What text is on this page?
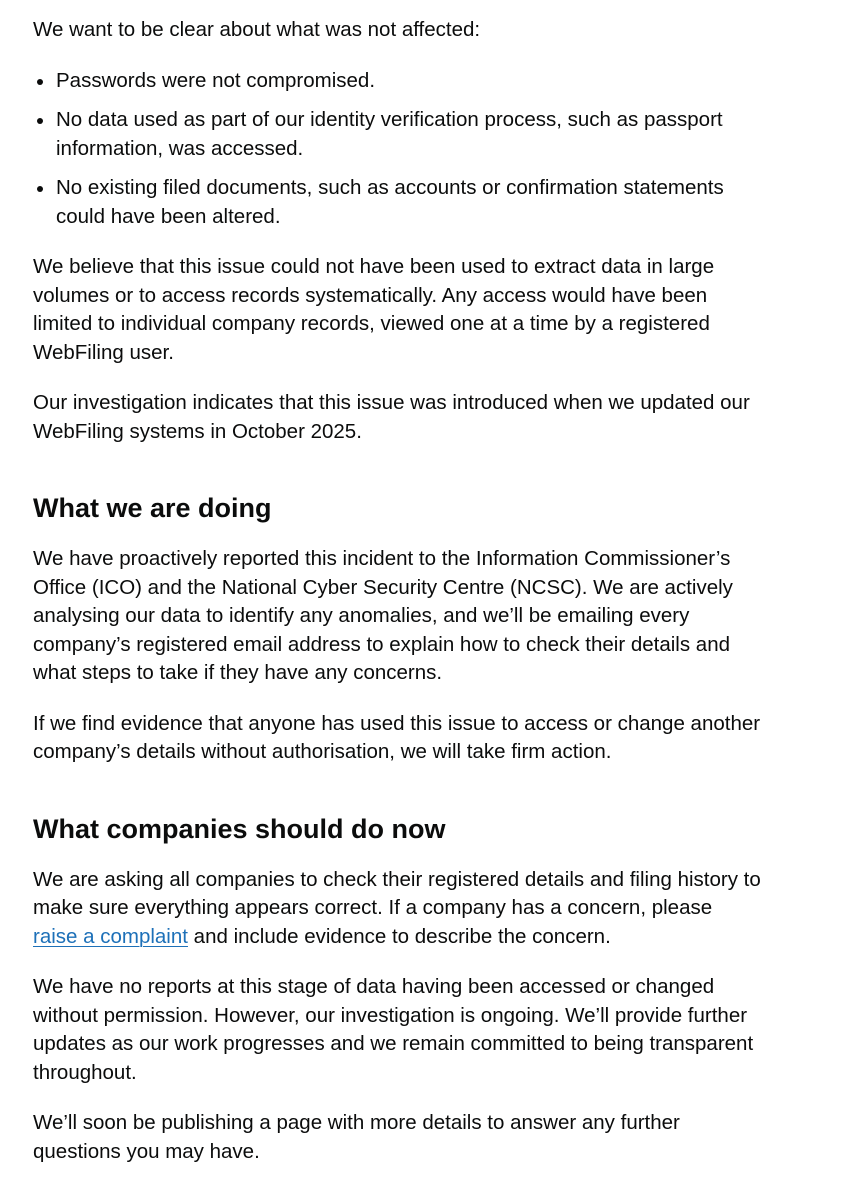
We want to be clear about what was not affected:

Passwords were not compromised.
No data used as part of our identity verification process, such as passport information, was accessed.
No existing filed documents, such as accounts or confirmation statements could have been altered.

We believe that this issue could not have been used to extract data in large volumes or to access records systematically. Any access would have been limited to individual company records, viewed one at a time by a registered WebFiling user.

Our investigation indicates that this issue was introduced when we updated our WebFiling systems in October 2025.

What we are doing

We have proactively reported this incident to the Information Commissioner’s Office (ICO) and the National Cyber Security Centre (NCSC). We are actively analysing our data to identify any anomalies, and we’ll be emailing every company’s registered email address to explain how to check their details and what steps to take if they have any concerns.

If we find evidence that anyone has used this issue to access or change another company’s details without authorisation, we will take firm action.

What companies should do now

We are asking all companies to check their registered details and filing history to make sure everything appears correct. If a company has a concern, please raise a complaint and include evidence to describe the concern.

We have no reports at this stage of data having been accessed or changed without permission. However, our investigation is ongoing. We’ll provide further updates as our work progresses and we remain committed to being transparent throughout.

We’ll soon be publishing a page with more details to answer any further questions you may have.
